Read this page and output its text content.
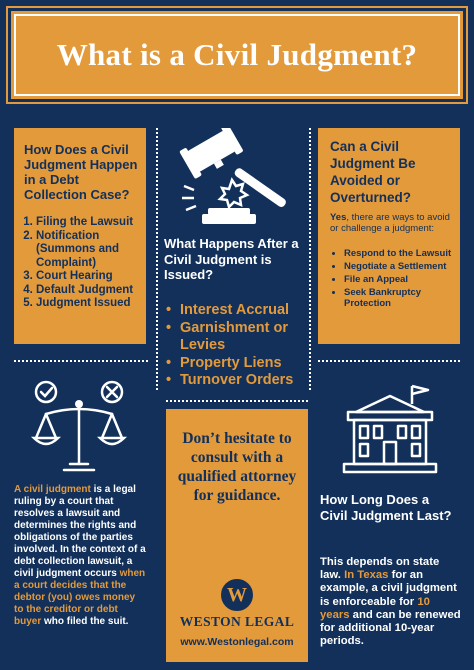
What is a Civil Judgment?
How Does a Civil Judgment Happen in a Debt Collection Case?
1. Filing the Lawsuit
2. Notification (Summons and Complaint)
3. Court Hearing
4. Default Judgment
5. Judgment Issued
Can a Civil Judgment Be Avoided or Overturned?
Yes, there are ways to avoid or challenge a judgment:
• Respond to the Lawsuit
• Negotiate a Settlement
• File an Appeal
• Seek Bankruptcy Protection
What Happens After a Civil Judgment is Issued?
• Interest Accrual
• Garnishment or Levies
• Property Liens
• Turnover Orders

Don’t hesitate to consult with a qualified attorney for guidance.

W
WESTON LEGAL
www.Westonlegal.com
A civil judgment is a legal ruling by a court that resolves a lawsuit and determines the rights and obligations of the parties involved. In the context of a debt collection lawsuit, a civil judgment occurs when a court decides that the debtor (you) owes money to the creditor or debt buyer who filed the suit.
How Long Does a Civil Judgment Last?
This depends on state law. In Texas for an example, a civil judgment is enforceable for 10 years and can be renewed for additional 10-year periods.
